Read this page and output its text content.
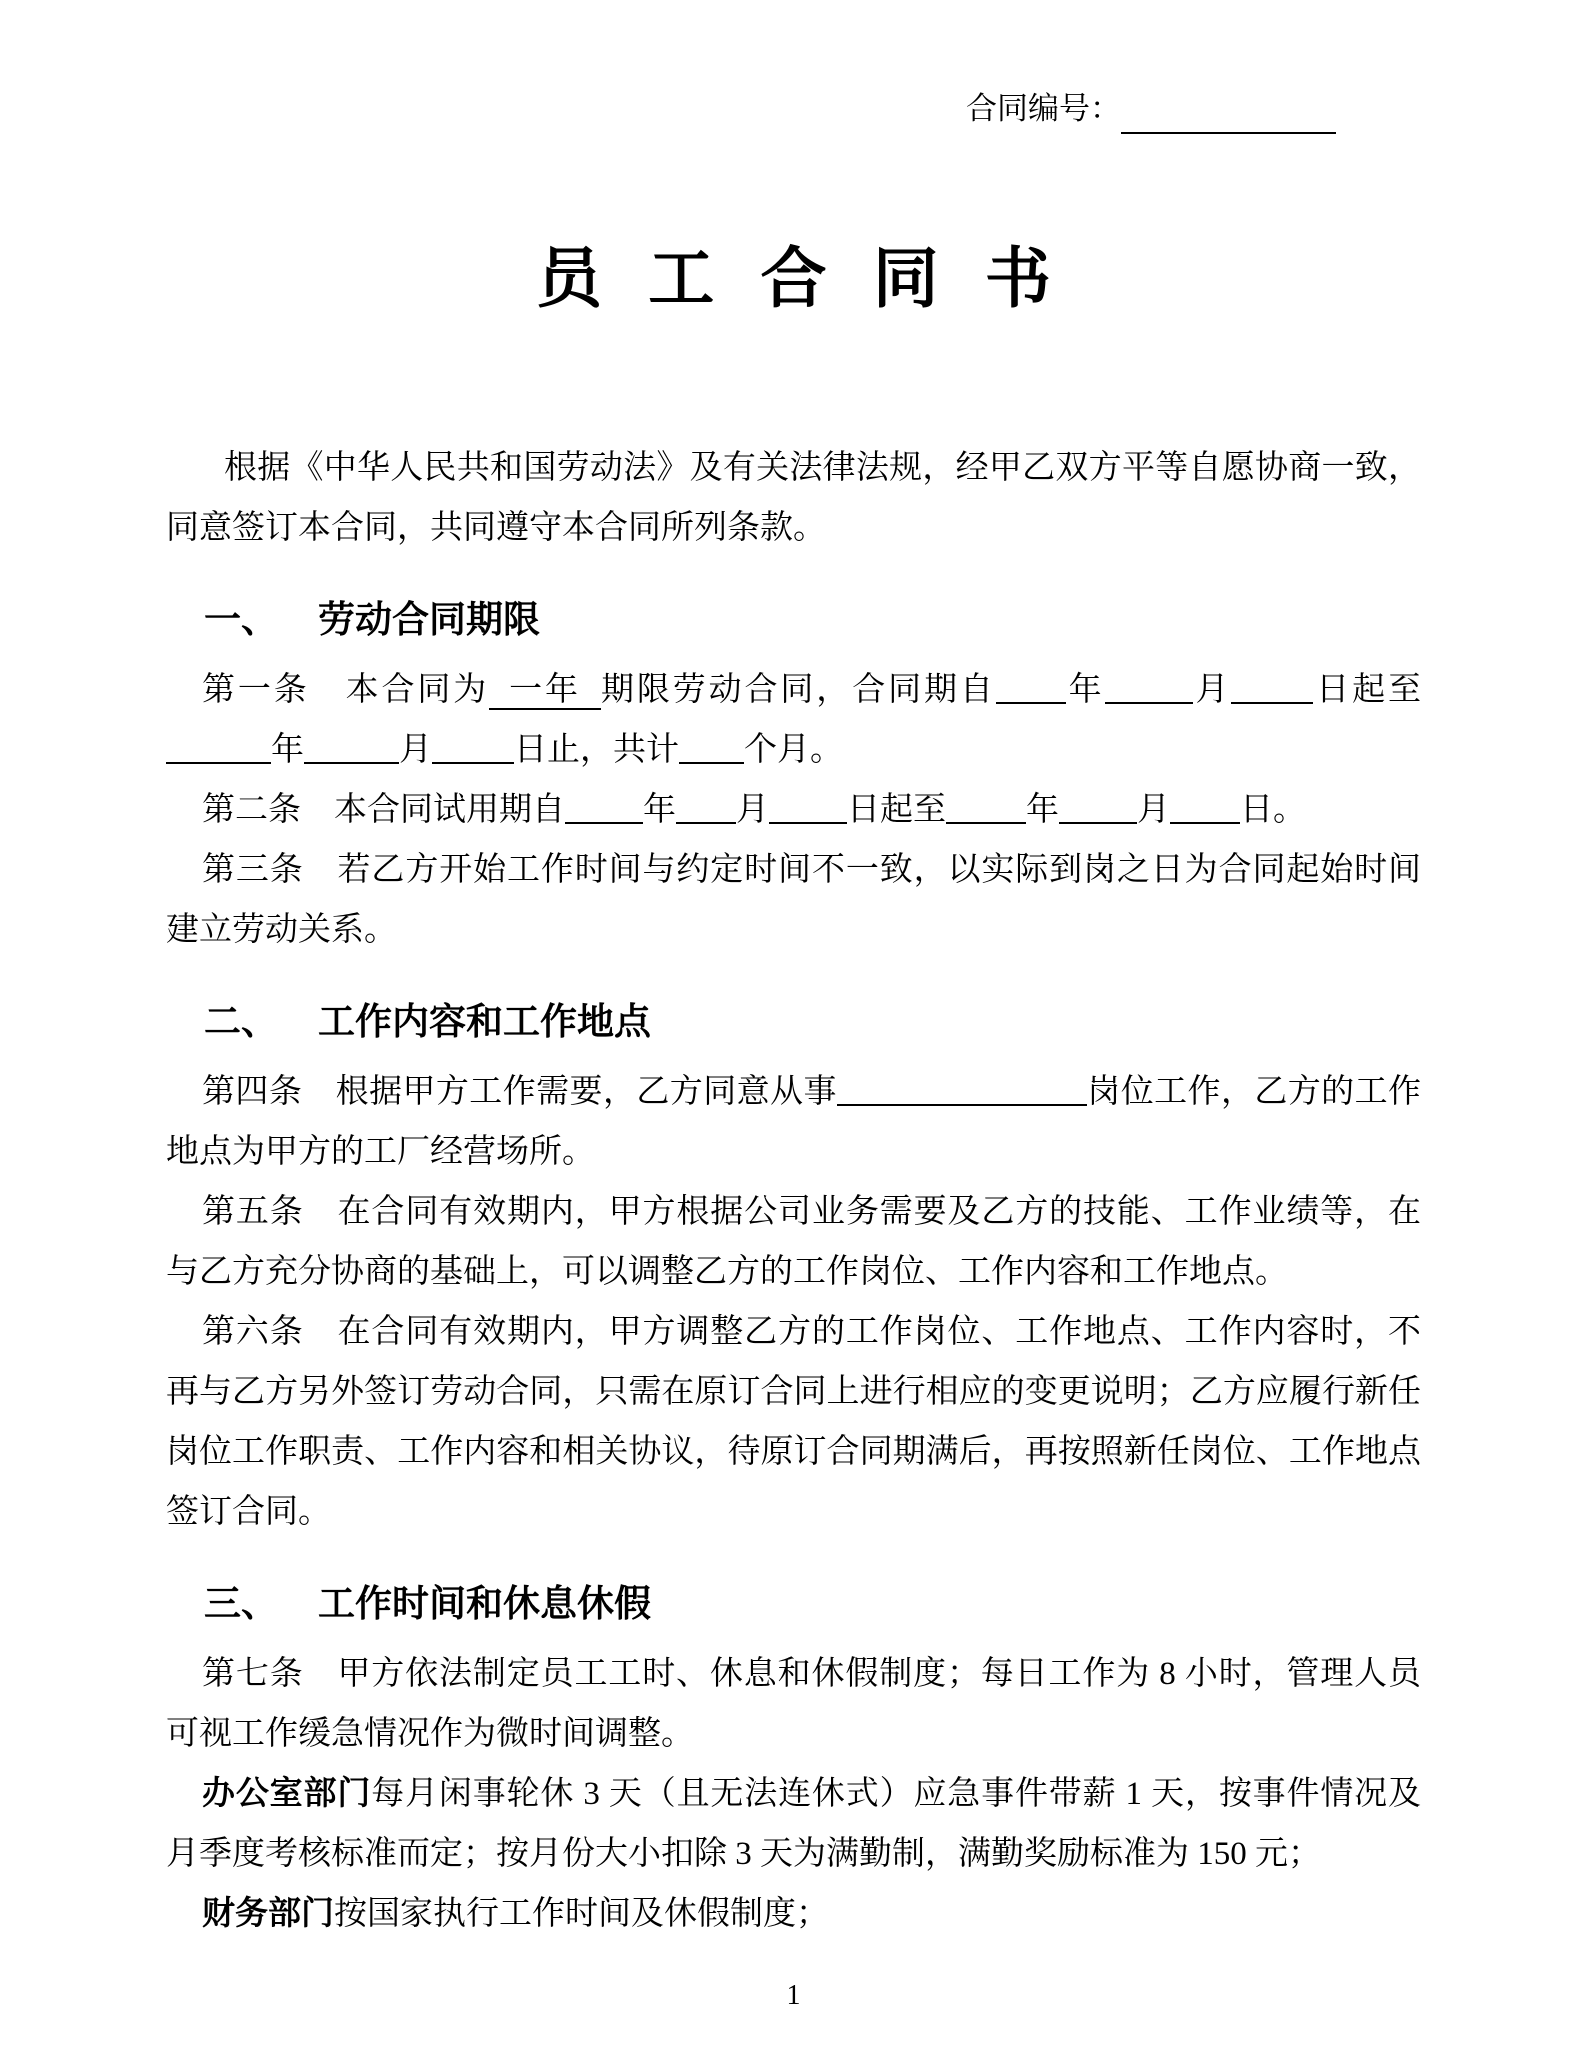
合同编号：
员工合同书

根据《中华人民共和国劳动法》及有关法律法规，经甲乙双方平等自愿协商一致，同意签订本合同，共同遵守本合同所列条款。

一、 劳动合同期限

第一条　本合同为 一年 期限劳动合同，合同期自 年	月 日起至年	月 日止，共计 个月。

第二条　本合同试用期自 年 月 日起至 年 月 日。

第三条　若乙方开始工作时间与约定时间不一致，以实际到岗之日为合同起始时间建立劳动关系。

二、 工作内容和工作地点

第四条　根据甲方工作需要，乙方同意从事	岗位工作，乙方的工作地点为甲方的工厂经营场所。

第五条　在合同有效期内，甲方根据公司业务需要及乙方的技能、工作业绩等，在与乙方充分协商的基础上，可以调整乙方的工作岗位、工作内容和工作地点。

第六条　在合同有效期内，甲方调整乙方的工作岗位、工作地点、工作内容时，不再与乙方另外签订劳动合同，只需在原订合同上进行相应的变更说明；乙方应履行新任岗位工作职责、工作内容和相关协议，待原订合同期满后，再按照新任岗位、工作地点签订合同。

三、 工作时间和休息休假

第七条　甲方依法制定员工工时、休息和休假制度；每日工作为 8 小时，管理人员可视工作缓急情况作为微时间调整。

办公室部门每月闲事轮休 3 天（且无法连休式）应急事件带薪 1 天，按事件情况及月季度考核标准而定；按月份大小扣除 3 天为满勤制，满勤奖励标准为 150 元；

财务部门按国家执行工作时间及休假制度；

1
